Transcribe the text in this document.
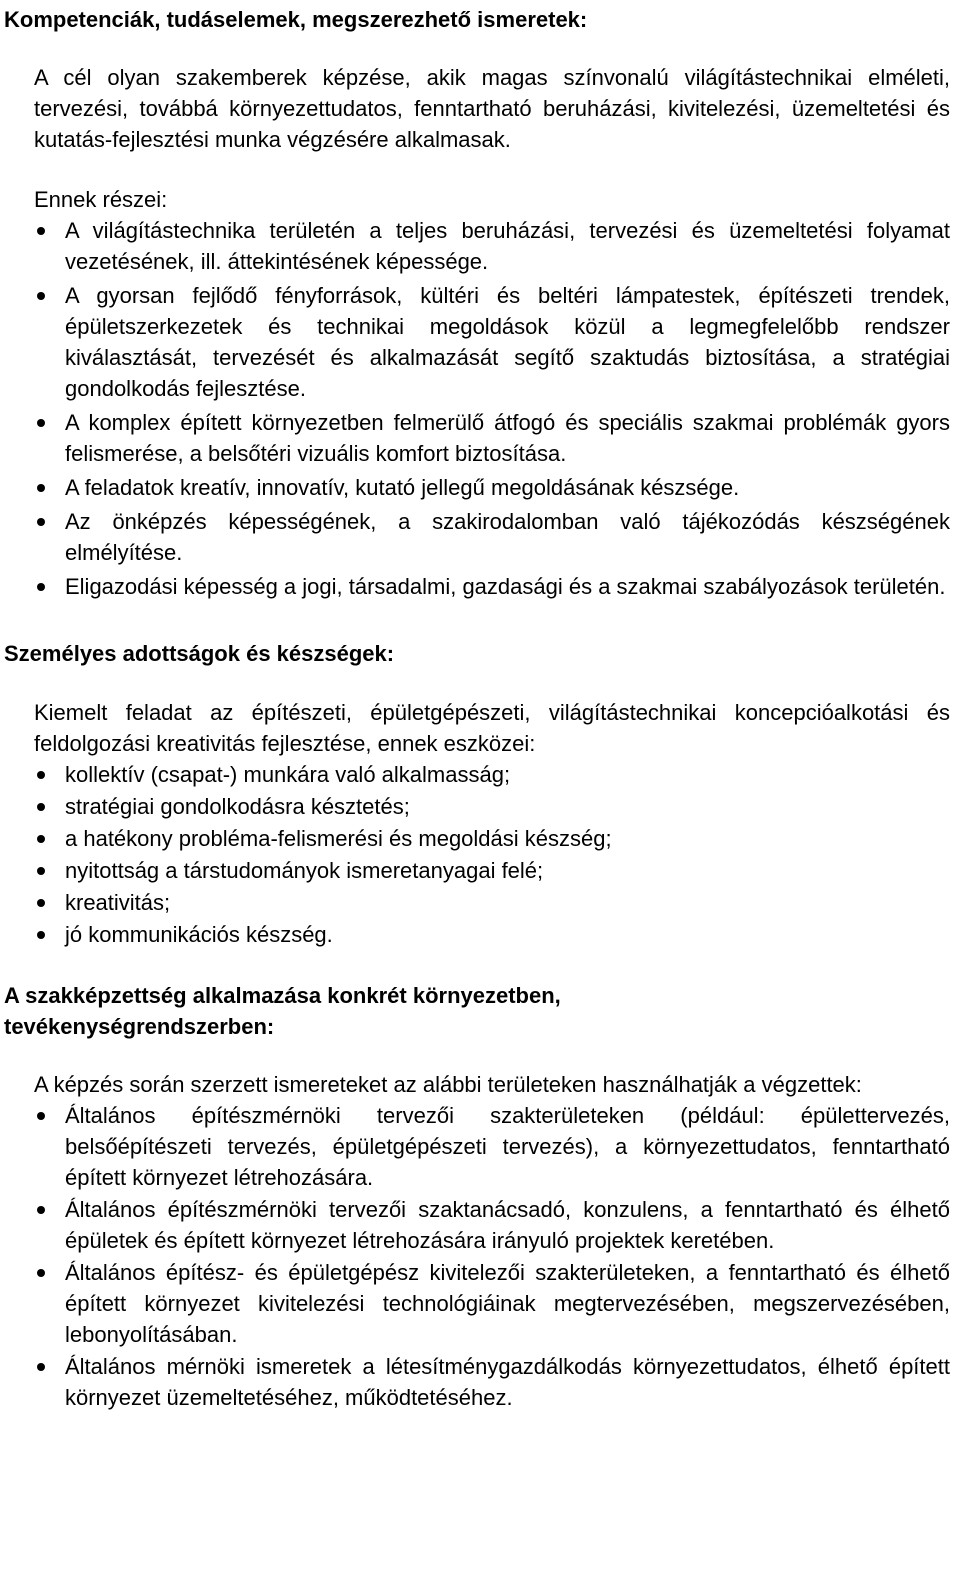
Kompetenciák, tudáselemek, megszerezhető ismeretek:

A cél olyan szakemberek képzése, akik magas színvonalú világítástechnikai elméleti, tervezési, továbbá környezettudatos, fenntartható beruházási, kivitelezési, üzemeltetési és kutatás-fejlesztési munka végzésére alkalmasak.

Ennek részei:

A világítástechnika területén a teljes beruházási, tervezési és üzemeltetési folyamat vezetésének, ill. áttekintésének képessége.
A gyorsan fejlődő fényforrások, kültéri és beltéri lámpatestek, építészeti trendek, épületszerkezetek és technikai megoldások közül a legmegfelelőbb rendszer kiválasztását, tervezését és alkalmazását segítő szaktudás biztosítása, a stratégiai gondolkodás fejlesztése.
A komplex épített környezetben felmerülő átfogó és speciális szakmai problémák gyors felismerése, a belsőtéri vizuális komfort biztosítása.
A feladatok kreatív, innovatív, kutató jellegű megoldásának készsége.
Az önképzés képességének, a szakirodalomban való tájékozódás készségének elmélyítése.
Eligazodási képesség a jogi, társadalmi, gazdasági és a szakmai szabályozások területén.
Személyes adottságok és készségek:

Kiemelt feladat az építészeti, épületgépészeti, világítástechnikai koncepcióalkotási és feldolgozási kreativitás fejlesztése, ennek eszközei:

kollektív (csapat-) munkára való alkalmasság;
stratégiai gondolkodásra késztetés;
a hatékony probléma-felismerési és megoldási készség;
nyitottság a társtudományok ismeretanyagai felé;
kreativitás;
jó kommunikációs készség.
A szakképzettség alkalmazása konkrét környezetben,
tevékenységrendszerben:

A képzés során szerzett ismereteket az alábbi területeken használhatják a végzettek:

Általános építészmérnöki tervezői szakterületeken (például: épülettervezés, belsőépítészeti tervezés, épületgépészeti tervezés), a környezettudatos, fenntartható épített környezet létrehozására.
Általános építészmérnöki tervezői szaktanácsadó, konzulens, a fenntartható és élhető épületek és épített környezet létrehozására irányuló projektek keretében.
Általános építész- és épületgépész kivitelezői szakterületeken, a fenntartható és élhető épített környezet kivitelezési technológiáinak megtervezésében, megszervezésében, lebonyolításában.
Általános mérnöki ismeretek a létesítménygazdálkodás környezettudatos, élhető épített környezet üzemeltetéséhez, működtetéséhez.
